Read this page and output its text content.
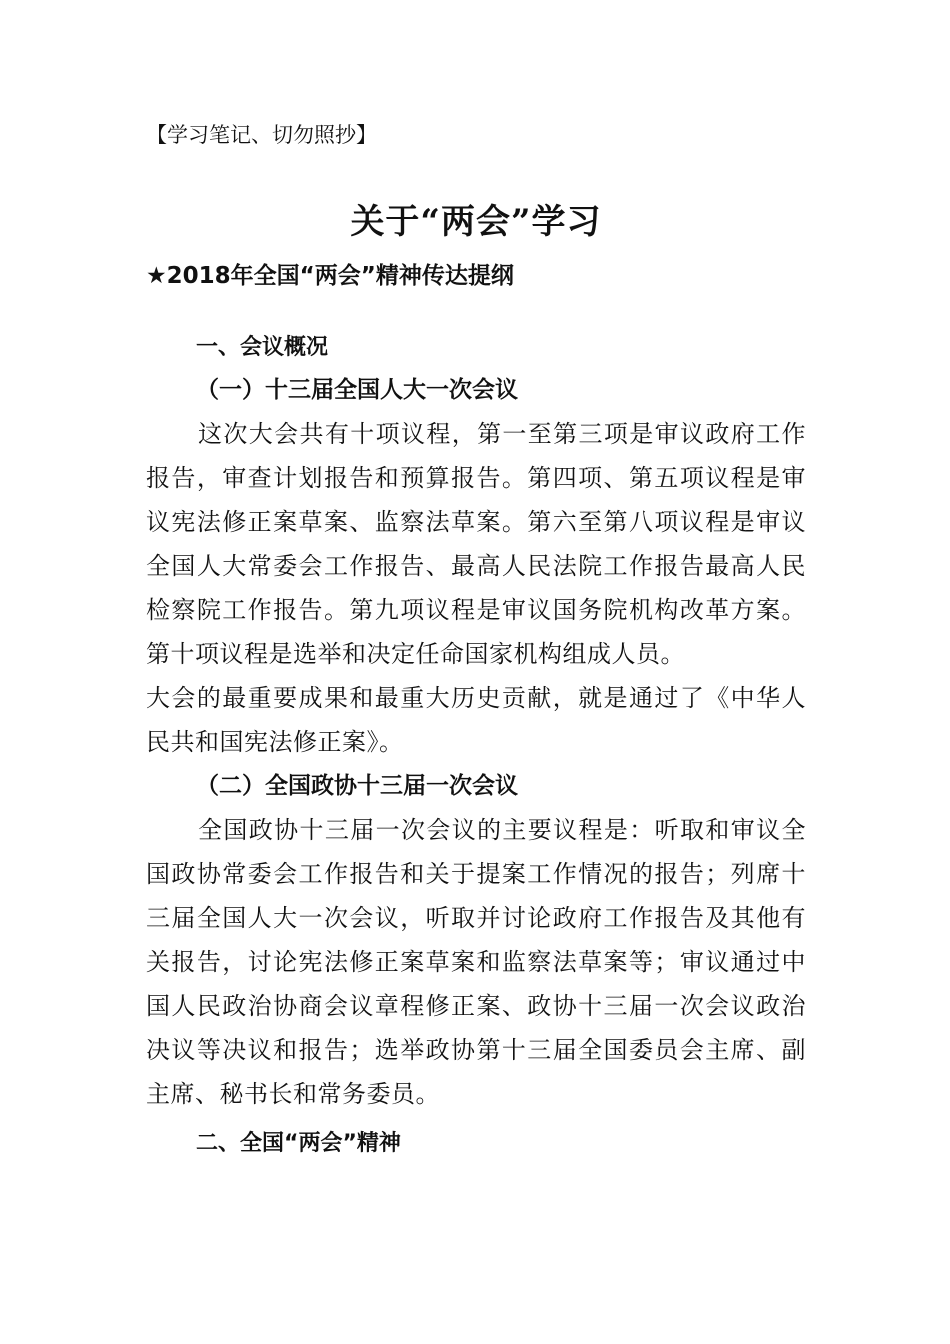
【学习笔记、切勿照抄】

关于“两会”学习

★2018年全国“两会”精神传达提纲

一、会议概况
（一）十三届全国人大一次会议

这次大会共有十项议程，第一至第三项是审议政府工作报告，审查计划报告和预算报告。第四项、第五项议程是审议宪法修正案草案、监察法草案。第六至第八项议程是审议全国人大常委会工作报告、最高人民法院工作报告最高人民检察院工作报告。第九项议程是审议国务院机构改革方案。第十项议程是选举和决定任命国家机构组成人员。

大会的最重要成果和最重大历史贡献，就是通过了《中华人民共和国宪法修正案》。

（二）全国政协十三届一次会议

全国政协十三届一次会议的主要议程是：听取和审议全国政协常委会工作报告和关于提案工作情况的报告；列席十三届全国人大一次会议，听取并讨论政府工作报告及其他有关报告，讨论宪法修正案草案和监察法草案等；审议通过中国人民政治协商会议章程修正案、政协十三届一次会议政治决议等决议和报告；选举政协第十三届全国委员会主席、副主席、秘书长和常务委员。

二、全国“两会”精神
